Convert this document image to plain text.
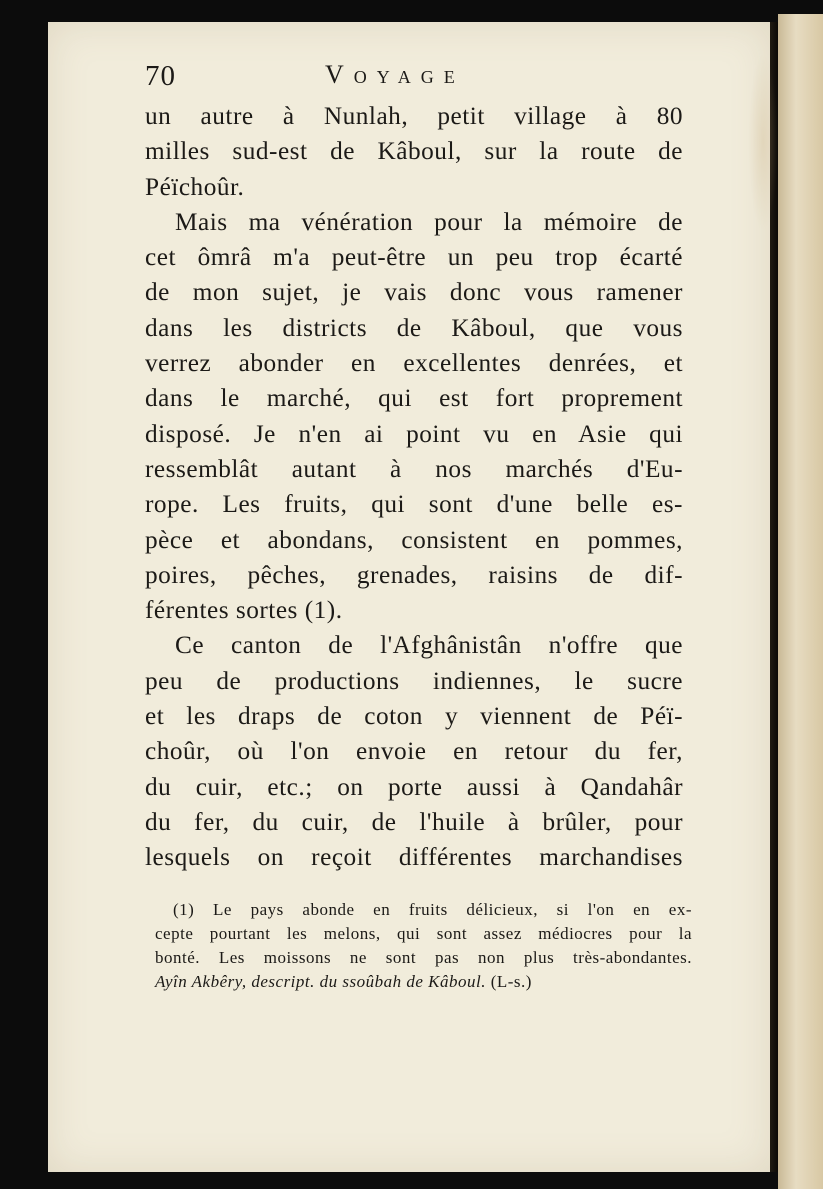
70	Voyage
un autre à Nunlah, petit village à 80
milles sud-est de Kâboul, sur la route de
Péïchoûr.
Mais ma vénération pour la mémoire de
cet ômrâ m'a peut-être un peu trop écarté
de mon sujet, je vais donc vous ramener
dans les districts de Kâboul, que vous
verrez abonder en excellentes denrées, et
dans le marché, qui est fort proprement
disposé. Je n'en ai point vu en Asie qui
ressemblât autant à nos marchés d'Eu-
rope. Les fruits, qui sont d'une belle es-
pèce et abondans, consistent en pommes,
poires, pêches, grenades, raisins de dif-
férentes sortes (1).
Ce canton de l'Afghânistân n'offre que
peu de productions indiennes, le sucre
et les draps de coton y viennent de Péï-
choûr, où l'on envoie en retour du fer,
du cuir, etc.; on porte aussi à Qandahâr
du fer, du cuir, de l'huile à brûler, pour
lesquels on reçoit différentes marchandises
(1) Le pays abonde en fruits délicieux, si l'on en ex-
cepte pourtant les melons, qui sont assez médiocres pour la
bonté. Les moissons ne sont pas non plus très-abondantes.
Ayîn Akbêry, descript. du ssoûbah de Kâboul. (L-s.)
